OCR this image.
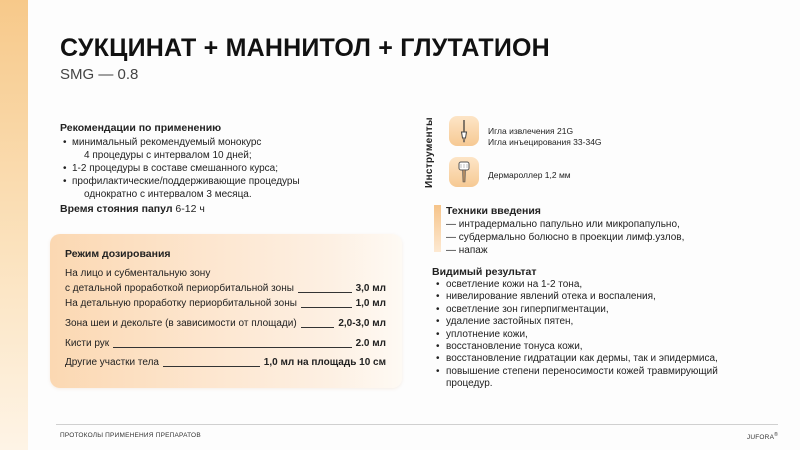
СУКЦИНАТ + МАННИТОЛ + ГЛУТАТИОН
SMG — 0.8
Рекомендации по применению
• минимальный рекомендуемый монокурс
4 процедуры с интервалом 10 дней;
• 1-2 процедуры в составе смешанного курса;
• профилактические/поддерживающие процедуры
однократно с интервалом 3 месяца.
Время стояния папул 6-12 ч
Режим дозирования
На лицо и субментальную зону
с детальной проработкой периорбитальной зоны	3,0 мл
На детальную проработку периорбитальной зоны	1,0 мл
Зона шеи и декольте (в зависимости от площади)	2,0-3,0 мл
Кисти рук	2.0 мл
Другие участки тела	1,0 мл на площадь 10 см
Инструменты	Игла извлечения 21G
Игла инъецирования 33-34G
Дермароллер 1,2 мм
Техники введения
— интрадермально папульно или микропапульно,
— субдермально болюсно в проекции лимф.узлов,
— напаж
Видимый результат
• осветление кожи на 1-2 тона,
• нивелирование явлений отека и воспаления,
• осветление зон гиперпигментации,
• удаление застойных пятен,
• уплотнение кожи,
• восстановление тонуса кожи,
• восстановление гидратации как дермы, так и эпидермиса,
• повышение степени переносимости кожей травмирующий
процедур.
ПРОТОКОЛЫ ПРИМЕНЕНИЯ ПРЕПАРАТОВ	JUFORA®
